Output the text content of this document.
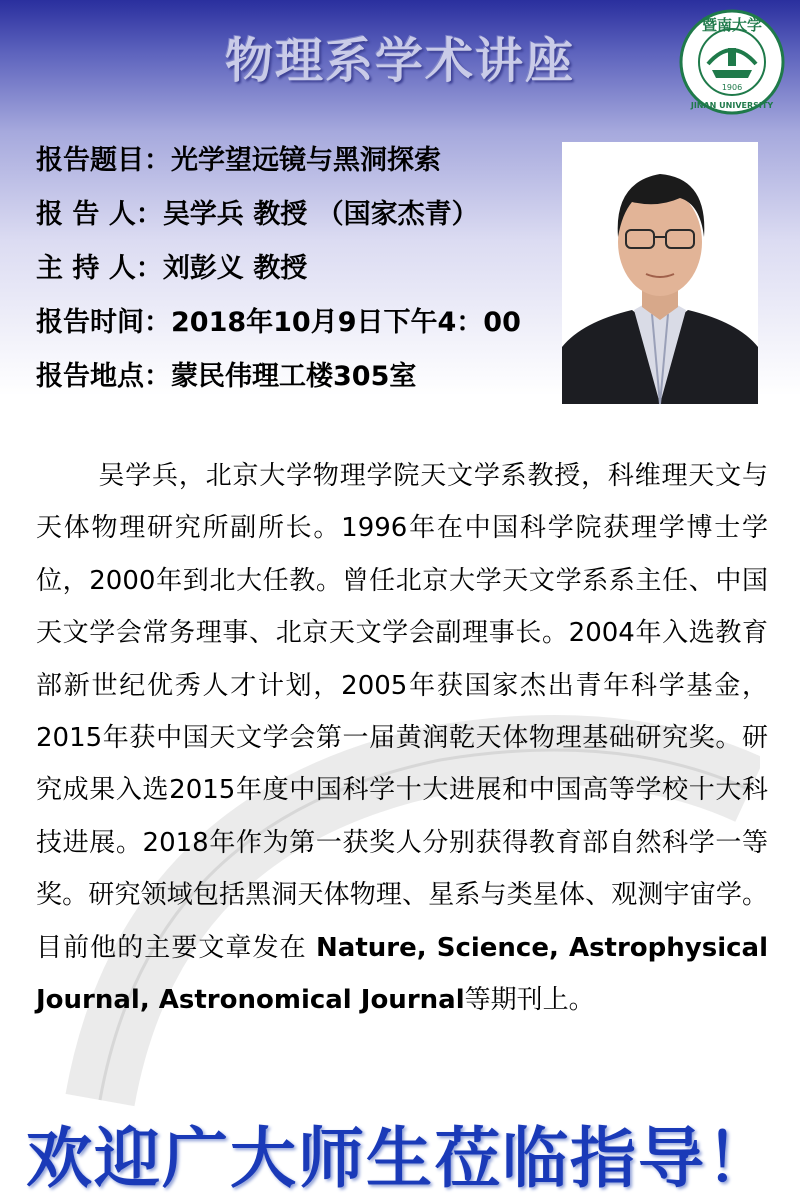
物理系学术讲座
暨南大学
JINAN UNIVERSITY
1906
报告题目：光学望远镜与黑洞探索
报 告 人：吴学兵 教授 （国家杰青）
主 持 人：刘彭义 教授
报告时间：2018年10月9日下午4：00
报告地点：蒙民伟理工楼305室

吴学兵，北京大学物理学院天文学系教授，科维理天文与天体物理研究所副所长。1996年在中国科学院获理学博士学位，2000年到北大任教。曾任北京大学天文学系系主任、中国天文学会常务理事、北京天文学会副理事长。2004年入选教育部新世纪优秀人才计划，2005年获国家杰出青年科学基金，2015年获中国天文学会第一届黄润乾天体物理基础研究奖。研究成果入选2015年度中国科学十大进展和中国高等学校十大科技进展。2018年作为第一获奖人分别获得教育部自然科学一等奖。研究领域包括黑洞天体物理、星系与类星体、观测宇宙学。目前他的主要文章发在 Nature, Science, Astrophysical Journal, Astronomical Journal等期刊上。

欢迎广大师生莅临指导！
